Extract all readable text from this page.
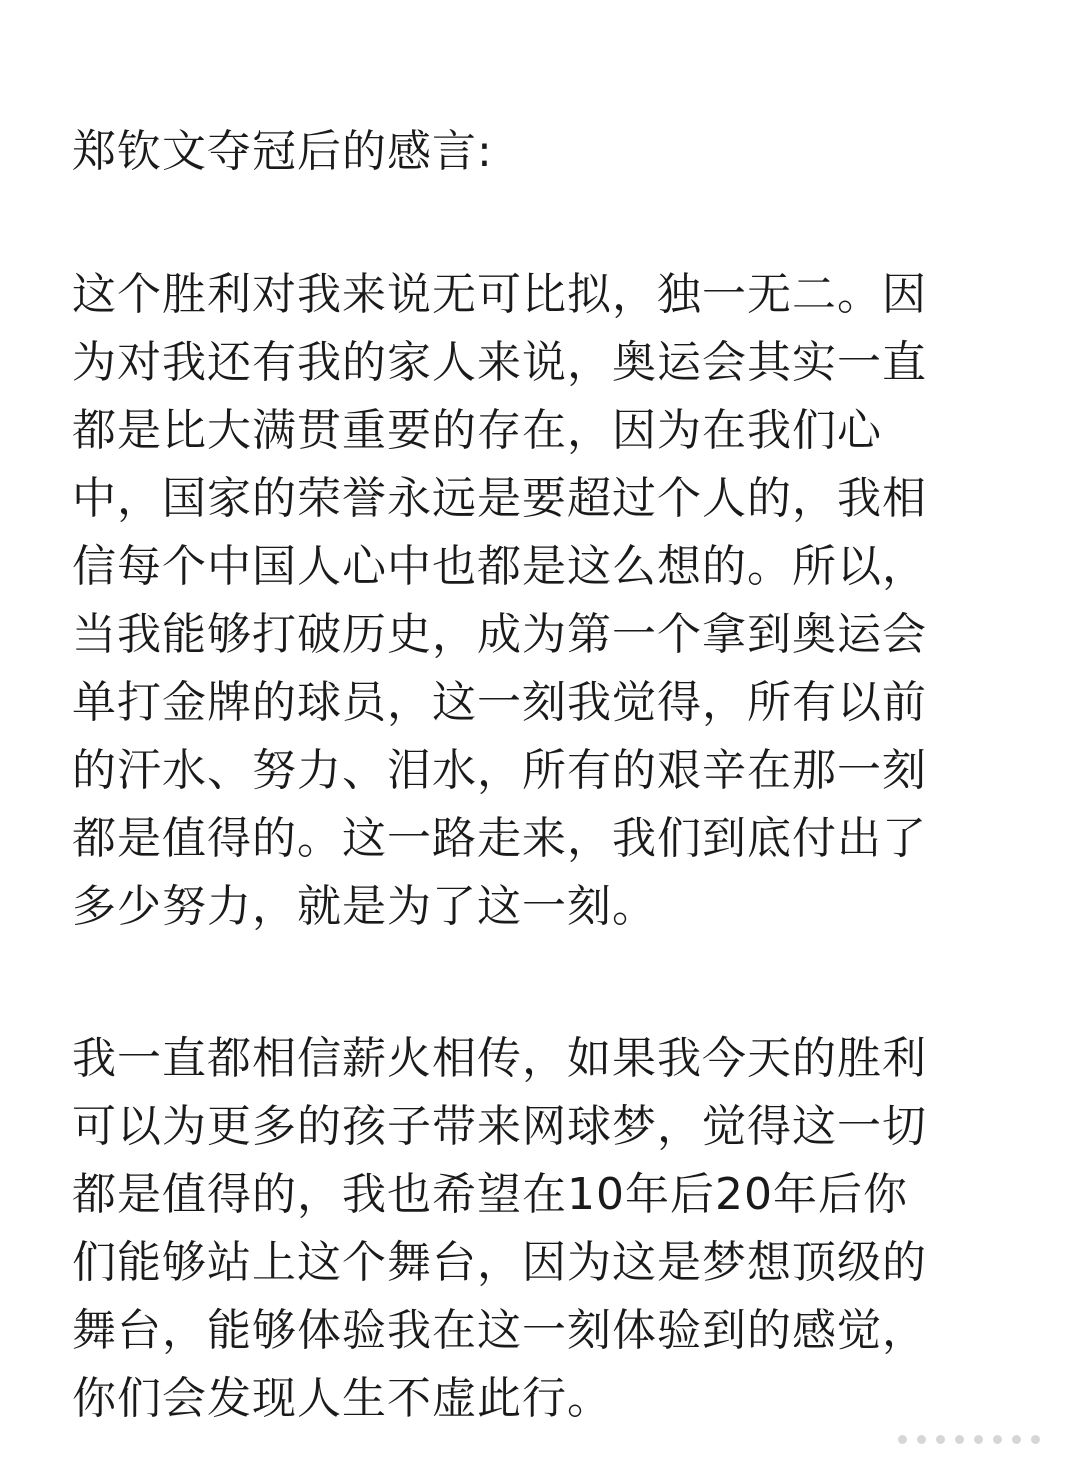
郑钦文夺冠后的感言:
这个胜利对我来说无可比拟，独一无二。因
为对我还有我的家人来说，奥运会其实一直
都是比大满贯重要的存在，因为在我们心
中，国家的荣誉永远是要超过个人的，我相
信每个中国人心中也都是这么想的。所以，
当我能够打破历史，成为第一个拿到奥运会
单打金牌的球员，这一刻我觉得，所有以前
的汗水、努力、泪水，所有的艰辛在那一刻
都是值得的。这一路走来，我们到底付出了
多少努力，就是为了这一刻。
我一直都相信薪火相传，如果我今天的胜利
可以为更多的孩子带来网球梦，觉得这一切
都是值得的，我也希望在10年后20年后你
们能够站上这个舞台，因为这是梦想顶级的
舞台，能够体验我在这一刻体验到的感觉，
你们会发现人生不虚此行。
